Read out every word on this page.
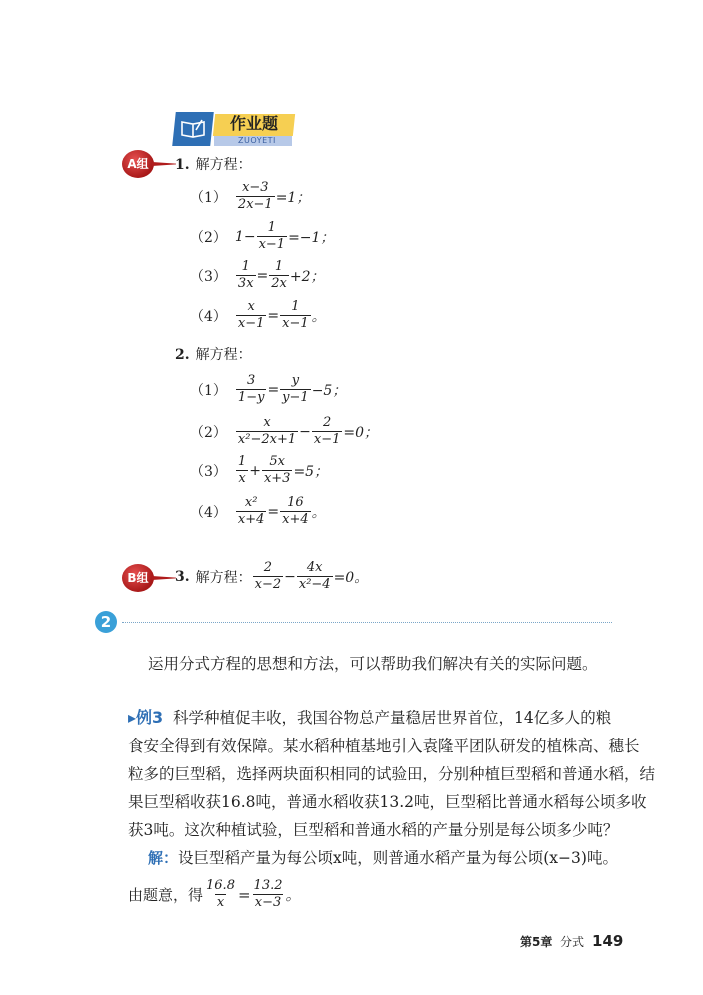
作业题
ZUOYETI
A组	1. 解方程：
$(1) \frac{x-3}{2x-1} =1$；
（2） $1- \frac{1}{x-1} =-1$；
$(3) \frac{1}{3x} = \frac{1}{2x} +2$；
$(4) \frac{x}{x-1} = \frac{1}{x-1}$ 。
2. 解方程：
$(1) \frac{3}{1-y} = \frac{y}{y-1} -5$；
$(2) \frac{x}{\text{x²−2x+1}} - \frac{2}{x-1} =0$；
$(3) \frac{1}{x} + \frac{5x}{x+3} =5$；
$(4) \frac{\text{x²}}{x+4} = \frac{16}{x+4}$ 。
B组	3. 解方程： $\frac{2}{x-2} - \frac{4x}{\text{x²−4}} =0$。
2
运用分式方程的思想和方法，可以帮助我们解决有关的实际问题。
▸例3 科学种植促丰收，我国谷物总产量稳居世界首位，14亿多人的粮
食安全得到有效保障。某水稻种植基地引入袁隆平团队研发的植株高、穗长
粒多的巨型稻，选择两块面积相同的试验田，分别种植巨型稻和普通水稻，结
果巨型稻收获16.8吨，普通水稻收获13.2吨，巨型稻比普通水稻每公顷多收
获3吨。这次种植试验，巨型稻和普通水稻的产量分别是每公顷多少吨？
解：设巨型稻产量为每公顷x吨，则普通水稻产量为每公顷(x−3)吨。
由题意，得 $\frac{16.8}{x} = \frac{13.2}{x-3}$ 。
第5章 分式 149
